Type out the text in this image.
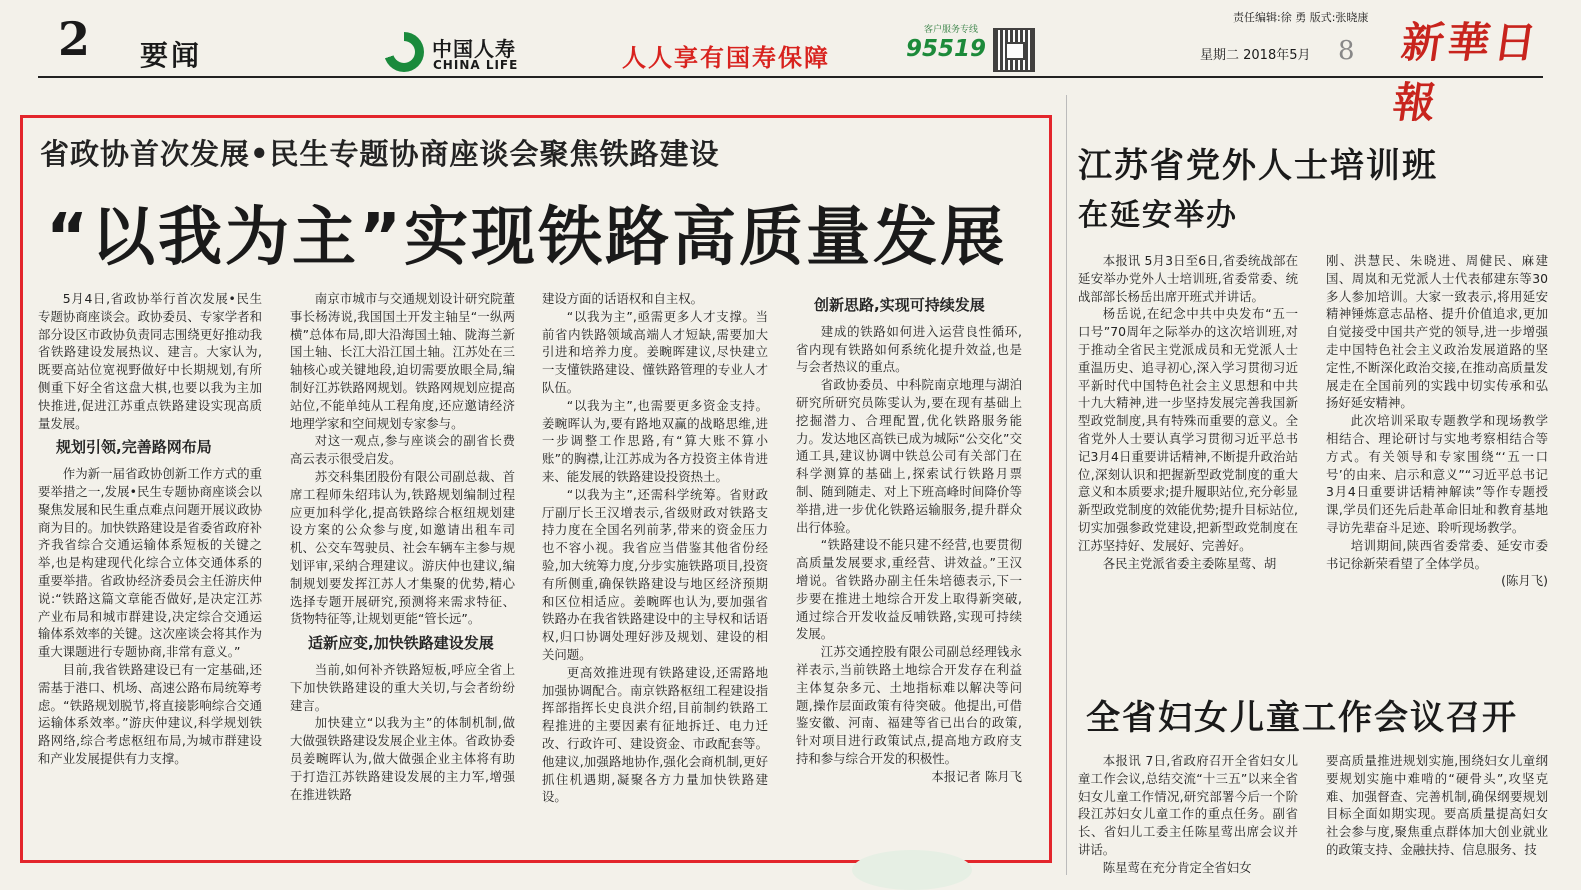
2 要闻	中国人寿
CHINA LIFE	人人享有国寿保障
客户服务专线
95519
责任编辑:徐 勇 版式:张晓康
星期二 2018年5月 8 新華日報
省政协首次发展•民生专题协商座谈会聚焦铁路建设
“以我为主”实现铁路高质量发展

5月4日,省政协举行首次发展•民生专题协商座谈会。政协委员、专家学者和部分设区市政协负责同志围绕更好推动我省铁路建设发展热议、建言。大家认为,既要高站位宽视野做好中长期规划,有所侧重下好全省这盘大棋,也要以我为主加快推进,促进江苏重点铁路建设实现高质量发展。

规划引领,完善路网布局

作为新一届省政协创新工作方式的重要举措之一,发展•民生专题协商座谈会以聚焦发展和民生重点难点问题开展议政协商为目的。加快铁路建设是省委省政府补齐我省综合交通运输体系短板的关键之举,也是构建现代化综合立体交通体系的重要举措。省政协经济委员会主任游庆仲说:“铁路这篇文章能否做好,是决定江苏产业布局和城市群建设,决定综合交通运输体系效率的关键。这次座谈会将其作为重大课题进行专题协商,非常有意义。”

目前,我省铁路建设已有一定基础,还需基于港口、机场、高速公路布局统筹考虑。“铁路规划脱节,将直接影响综合交通运输体系效率。”游庆仲建议,科学规划铁路网络,综合考虑枢纽布局,为城市群建设和产业发展提供有力支撑。

南京市城市与交通规划设计研究院董事长杨涛说,我国国土开发主轴呈“一纵两横”总体布局,即大沿海国土轴、陇海兰新国土轴、长江大沿江国土轴。江苏处在三轴核心或关键地段,迫切需要放眼全局,编制好江苏铁路网规划。铁路网规划应提高站位,不能单纯从工程角度,还应邀请经济地理学家和空间规划专家参与。

对这一观点,参与座谈会的副省长费高云表示很受启发。

苏交科集团股份有限公司副总裁、首席工程师朱绍玮认为,铁路规划编制过程应更加科学化,提高铁路综合枢纽规划建设方案的公众参与度,如邀请出租车司机、公交车驾驶员、社会车辆车主参与规划评审,采纳合理建议。游庆仲也建议,编制规划要发挥江苏人才集聚的优势,精心选择专题开展研究,预测将来需求特征、货物特征等,让规划更能“管长远”。

适新应变,加快铁路建设发展

当前,如何补齐铁路短板,呼应全省上下加快铁路建设的重大关切,与会者纷纷建言。

加快建立“以我为主”的体制机制,做大做强铁路建设发展企业主体。省政协委员姜畹晖认为,做大做强企业主体将有助于打造江苏铁路建设发展的主力军,增强在推进铁路

建设方面的话语权和自主权。

“以我为主”,亟需更多人才支撑。当前省内铁路领域高端人才短缺,需要加大引进和培养力度。姜畹晖建议,尽快建立一支懂铁路建设、懂铁路管理的专业人才队伍。

“以我为主”,也需要更多资金支持。姜畹晖认为,要有路地双赢的战略思维,进一步调整工作思路,有“算大账不算小账”的胸襟,让江苏成为各方投资主体肯进来、能发展的铁路建设投资热土。

“以我为主”,还需科学统筹。省财政厅副厅长王汉增表示,省级财政对铁路支持力度在全国名列前茅,带来的资金压力也不容小视。我省应当借鉴其他省份经验,加大统筹力度,分步实施铁路项目,投资有所侧重,确保铁路建设与地区经济预期和区位相适应。姜畹晖也认为,要加强省铁路办在我省铁路建设中的主导权和话语权,归口协调处理好涉及规划、建设的相关问题。

更高效推进现有铁路建设,还需路地加强协调配合。南京铁路枢纽工程建设指挥部指挥长史良洪介绍,目前制约铁路工程推进的主要因素有征地拆迁、电力迁改、行政许可、建设资金、市政配套等。他建议,加强路地协作,强化会商机制,更好抓住机遇期,凝聚各方力量加快铁路建设。

创新思路,实现可持续发展

建成的铁路如何进入运营良性循环,省内现有铁路如何系统化提升效益,也是与会者热议的重点。

省政协委员、中科院南京地理与湖泊研究所研究员陈雯认为,要在现有基础上挖掘潜力、合理配置,优化铁路服务能力。发达地区高铁已成为城际“公交化”交通工具,建议协调中铁总公司有关部门在科学测算的基础上,探索试行铁路月票制、随到随走、对上下班高峰时间降价等举措,进一步优化铁路运输服务,提升群众出行体验。

“铁路建设不能只建不经营,也要贯彻高质量发展要求,重经营、讲效益。”王汉增说。省铁路办副主任朱培德表示,下一步要在推进土地综合开发上取得新突破,通过综合开发收益反哺铁路,实现可持续发展。

江苏交通控股有限公司副总经理钱永祥表示,当前铁路土地综合开发存在利益主体复杂多元、土地指标难以解决等问题,操作层面政策有待突破。他提出,可借鉴安徽、河南、福建等省已出台的政策,针对项目进行政策试点,提高地方政府支持和参与综合开发的积极性。

本报记者 陈月飞

江苏省党外人士培训班
在延安举办

本报讯 5月3日至6日,省委统战部在延安举办党外人士培训班,省委常委、统战部部长杨岳出席开班式并讲话。

杨岳说,在纪念中共中央发布“五一口号”70周年之际举办的这次培训班,对于推动全省民主党派成员和无党派人士重温历史、追寻初心,深入学习贯彻习近平新时代中国特色社会主义思想和中共十九大精神,进一步坚持发展完善我国新型政党制度,具有特殊而重要的意义。全省党外人士要认真学习贯彻习近平总书记3月4日重要讲话精神,不断提升政治站位,深刻认识和把握新型政党制度的重大意义和本质要求;提升履职站位,充分彰显新型政党制度的效能优势;提升目标站位,切实加强参政党建设,把新型政党制度在江苏坚持好、发展好、完善好。

各民主党派省委主委陈星莺、胡

刚、洪慧民、朱晓进、周健民、麻建国、周岚和无党派人士代表郁建东等30多人参加培训。大家一致表示,将用延安精神锤炼意志品格、提升价值追求,更加自觉接受中国共产党的领导,进一步增强走中国特色社会主义政治发展道路的坚定性,不断深化政治交接,在推动高质量发展走在全国前列的实践中切实传承和弘扬好延安精神。

此次培训采取专题教学和现场教学相结合、理论研讨与实地考察相结合等方式。有关领导和专家围绕“‘五一口号’的由来、启示和意义”“习近平总书记3月4日重要讲话精神解读”等作专题授课,学员们还先后赴革命旧址和教育基地寻访先辈奋斗足迹、聆听现场教学。

培训期间,陕西省委常委、延安市委书记徐新荣看望了全体学员。

(陈月飞)

全省妇女儿童工作会议召开

本报讯 7日,省政府召开全省妇女儿童工作会议,总结交流“十三五”以来全省妇女儿童工作情况,研究部署今后一个阶段江苏妇女儿童工作的重点任务。副省长、省妇儿工委主任陈星莺出席会议并讲话。

陈星莺在充分肯定全省妇女

要高质量推进规划实施,围绕妇女儿童纲要规划实施中难啃的“硬骨头”,攻坚克难、加强督查、完善机制,确保纲要规划目标全面如期实现。要高质量提高妇女社会参与度,聚焦重点群体加大创业就业的政策支持、金融扶持、信息服务、技
